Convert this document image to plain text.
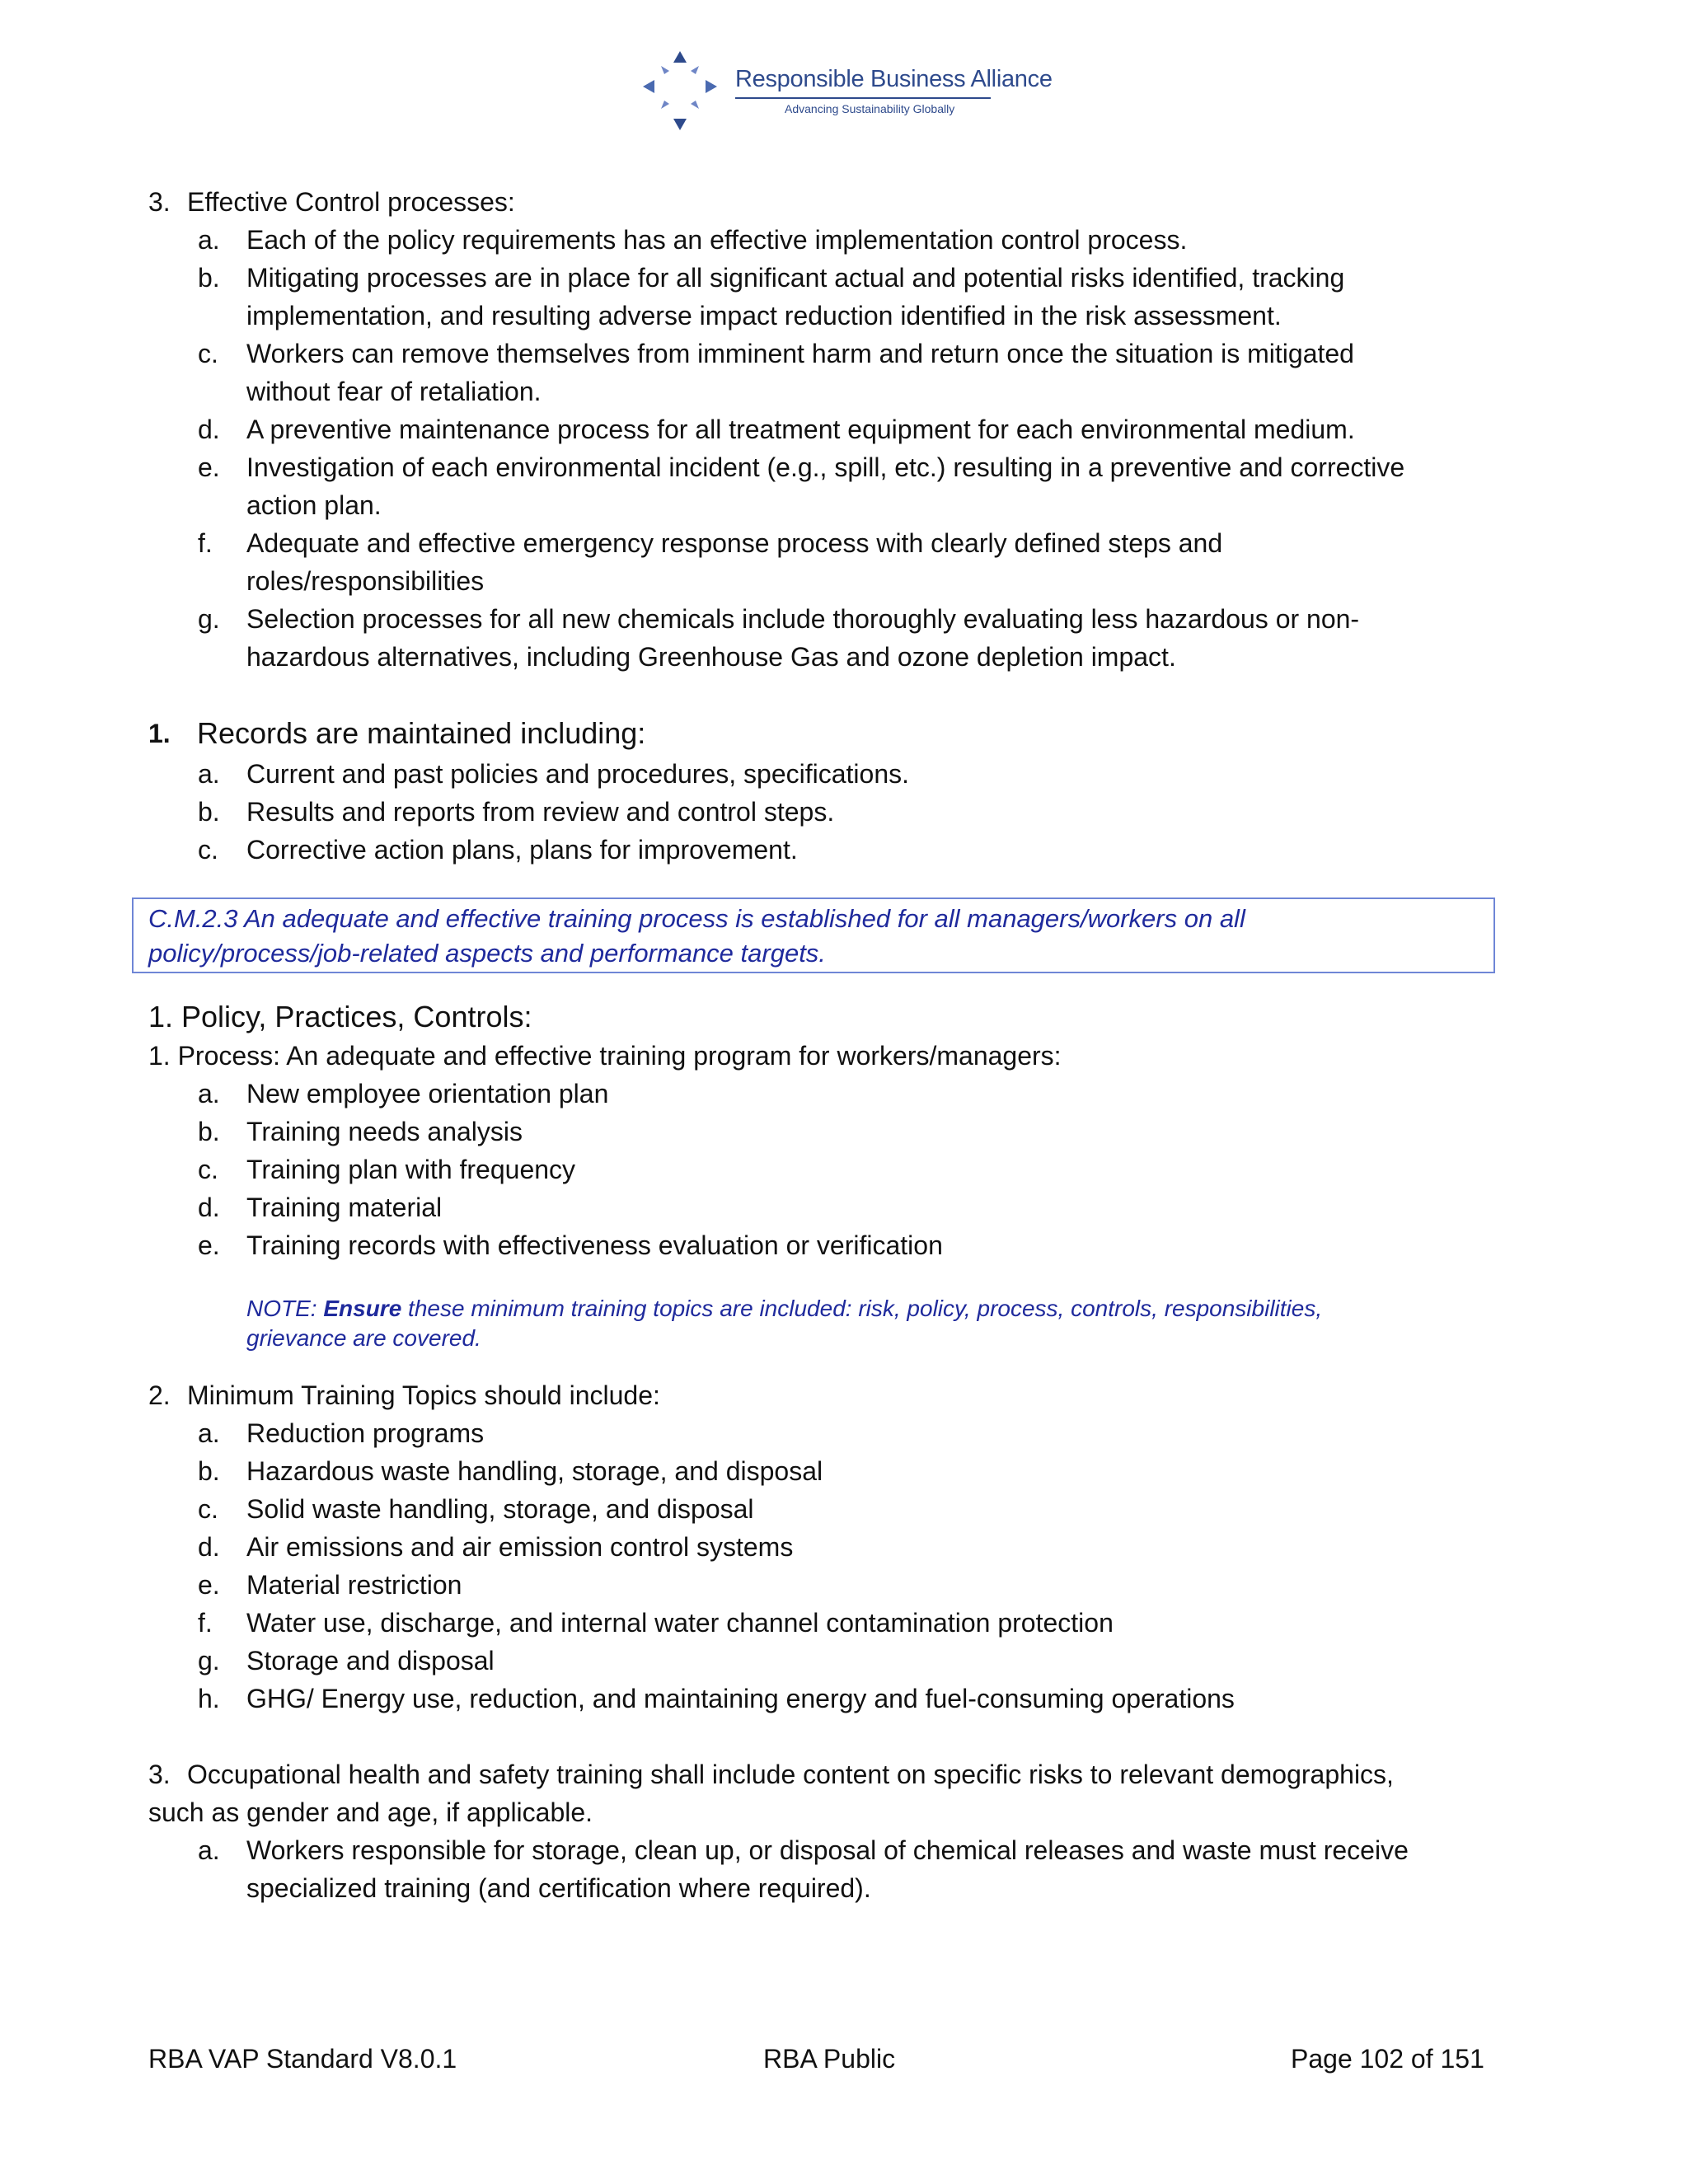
Responsible Business Alliance
Advancing Sustainability Globally
3. Effective Control processes:
a. Each of the policy requirements has an effective implementation control process.
b. Mitigating processes are in place for all significant actual and potential risks identified, tracking
implementation, and resulting adverse impact reduction identified in the risk assessment.
c. Workers can remove themselves from imminent harm and return once the situation is mitigated
without fear of retaliation.
d. A preventive maintenance process for all treatment equipment for each environmental medium.
e. Investigation of each environmental incident (e.g., spill, etc.) resulting in a preventive and corrective
action plan.
f. Adequate and effective emergency response process with clearly defined steps and
roles/responsibilities
g. Selection processes for all new chemicals include thoroughly evaluating less hazardous or non-
hazardous alternatives, including Greenhouse Gas and ozone depletion impact.
1. Records are maintained including:
a. Current and past policies and procedures, specifications.
b. Results and reports from review and control steps.
c. Corrective action plans, plans for improvement.
C.M.2.3 An adequate and effective training process is established for all managers/workers on all
policy/process/job-related aspects and performance targets.
1. Policy, Practices, Controls:
1. Process: An adequate and effective training program for workers/managers:
a. New employee orientation plan
b. Training needs analysis
c. Training plan with frequency
d. Training material
e. Training records with effectiveness evaluation or verification
NOTE: Ensure these minimum training topics are included: risk, policy, process, controls, responsibilities,
grievance are covered.
2. Minimum Training Topics should include:
a. Reduction programs
b. Hazardous waste handling, storage, and disposal
c. Solid waste handling, storage, and disposal
d. Air emissions and air emission control systems
e. Material restriction
f. Water use, discharge, and internal water channel contamination protection
g. Storage and disposal
h. GHG/ Energy use, reduction, and maintaining energy and fuel-consuming operations
3. Occupational health and safety training shall include content on specific risks to relevant demographics,
such as gender and age, if applicable.
a. Workers responsible for storage, clean up, or disposal of chemical releases and waste must receive
specialized training (and certification where required).
RBA VAP Standard V8.0.1	RBA Public	Page 102 of 151
